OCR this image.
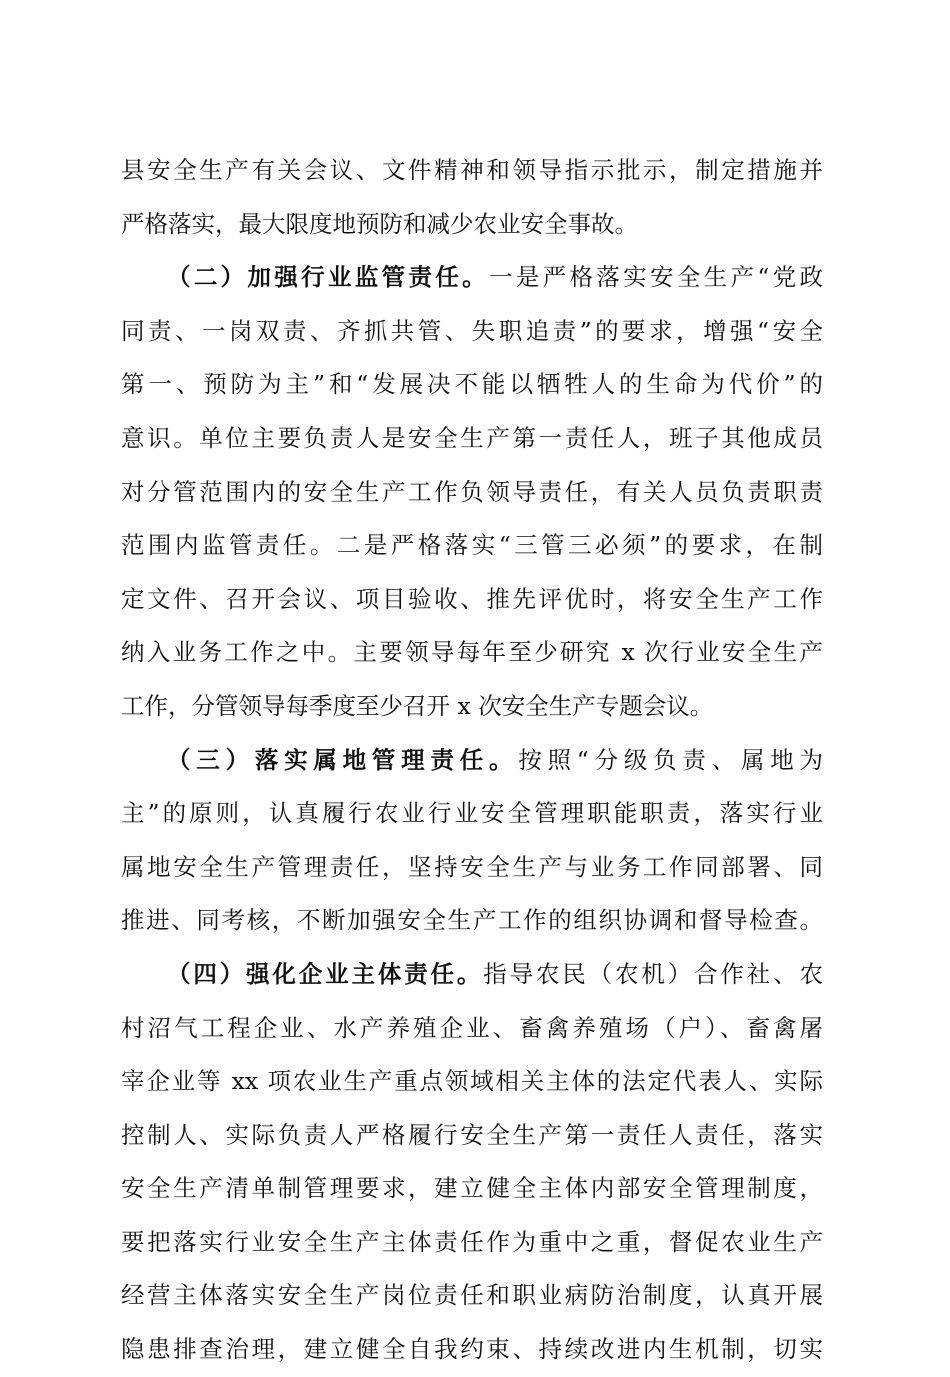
县安全生产有关会议、文件精神和领导指示批示，制定措施并
严格落实，最大限度地预防和减少农业安全事故。
（二）加强行业监管责任。一是严格落实安全生产“党政
同责、一岗双责、齐抓共管、失职追责”的要求，增强“安全
第一、预防为主”和“发展决不能以牺牲人的生命为代价”的
意识。单位主要负责人是安全生产第一责任人，班子其他成员
对分管范围内的安全生产工作负领导责任，有关人员负责职责
范围内监管责任。二是严格落实“三管三必须”的要求，在制
定文件、召开会议、项目验收、推先评优时，将安全生产工作
纳入业务工作之中。主要领导每年至少研究 x 次行业安全生产
工作，分管领导每季度至少召开 x 次安全生产专题会议。
（三）落实属地管理责任。按照“分级负责、属地为
主”的原则，认真履行农业行业安全管理职能职责，落实行业
属地安全生产管理责任，坚持安全生产与业务工作同部署、同
推进、同考核，不断加强安全生产工作的组织协调和督导检查。
（四）强化企业主体责任。指导农民（农机）合作社、农
村沼气工程企业、水产养殖企业、畜禽养殖场（户）、畜禽屠
宰企业等 xx 项农业生产重点领域相关主体的法定代表人、实际
控制人、实际负责人严格履行安全生产第一责任人责任，落实
安全生产清单制管理要求，建立健全主体内部安全管理制度，
要把落实行业安全生产主体责任作为重中之重，督促农业生产
经营主体落实安全生产岗位责任和职业病防治制度，认真开展
隐患排查治理，建立健全自我约束、持续改进内生机制，切实
